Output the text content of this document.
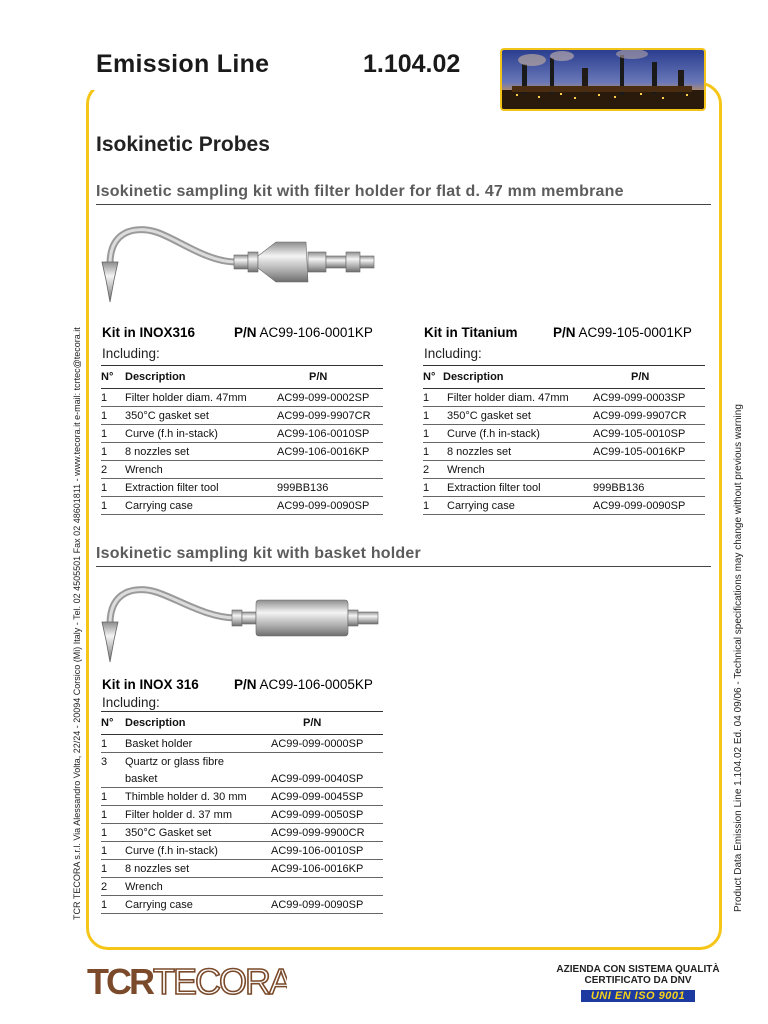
Emission Line	1.104.02
Isokinetic Probes
Isokinetic sampling kit with filter holder for flat d. 47 mm membrane
Kit in INOX316	P/N AC99-106-0001KP
Including:
N°	Description	P/N
1	Filter holder diam. 47mm	AC99-099-0002SP
1	350°C gasket set	AC99-099-9907CR
1	Curve (f.h in-stack)	AC99-106-0010SP
1	8 nozzles set	AC99-106-0016KP
2	Wrench	
1	Extraction filter tool	999BB136
1	Carrying case	AC99-099-0090SP
Kit in Titanium	P/N AC99-105-0001KP
Including:
N°	Description	P/N
1	Filter holder diam. 47mm	AC99-099-0003SP
1	350°C gasket set	AC99-099-9907CR
1	Curve (f.h in-stack)	AC99-105-0010SP
1	8 nozzles set	AC99-105-0016KP
2	Wrench	
1	Extraction filter tool	999BB136
1	Carrying case	AC99-099-0090SP
Isokinetic sampling kit with basket holder
Kit in INOX 316	P/N AC99-106-0005KP
Including:
N°	Description	P/N
1	Basket holder	AC99-099-0000SP
3	Quartz or glass fibre	
	basket	AC99-099-0040SP
1	Thimble holder d. 30 mm	AC99-099-0045SP
1	Filter holder d. 37 mm	AC99-099-0050SP
1	350°C Gasket set	AC99-099-9900CR
1	Curve (f.h in-stack)	AC99-106-0010SP
1	8 nozzles set	AC99-106-0016KP
2	Wrench	
1	Carrying case	AC99-099-0090SP
TCR TECORA s.r.l. Via Alessandro Volta, 22/24 - 20094 Corsico (Mi) Italy - Tel. 02 4505501 Fax 02 48601811 - www.tecora.it e-mail: tcrtec@tecora.it	Product Data Emission Line 1.104.02 Ed. 04 09/06 - Technical specifications may change without previous warning
TCR TECORA	AZIENDA CON SISTEMA QUALITÀ
CERTIFICATO DA DNV
UNI EN ISO 9001
